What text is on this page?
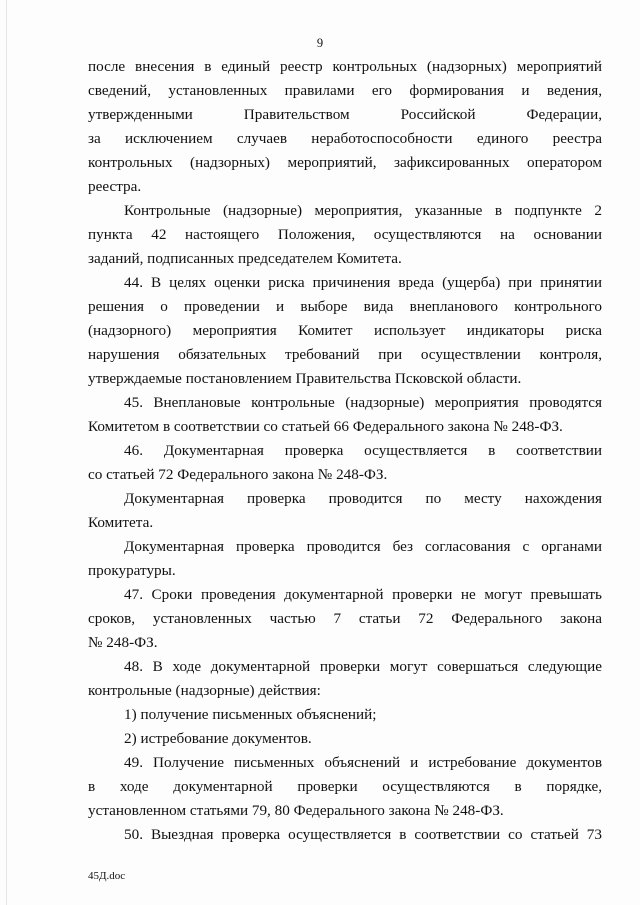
9
после внесения в единый реестр контрольных (надзорных) мероприятий
сведений, установленных правилами его формирования и ведения,
утвержденными Правительством Российской Федерации,
за исключением случаев неработоспособности единого реестра
контрольных (надзорных) мероприятий, зафиксированных оператором
реестра.
Контрольные (надзорные) мероприятия, указанные в подпункте 2
пункта 42 настоящего Положения, осуществляются на основании
заданий, подписанных председателем Комитета.
44. В целях оценки риска причинения вреда (ущерба) при принятии
решения о проведении и выборе вида внепланового контрольного
(надзорного) мероприятия Комитет использует индикаторы риска
нарушения обязательных требований при осуществлении контроля,
утверждаемые постановлением Правительства Псковской области.
45. Внеплановые контрольные (надзорные) мероприятия проводятся
Комитетом в соответствии со статьей 66 Федерального закона № 248-ФЗ.
46. Документарная проверка осуществляется в соответствии
со статьей 72 Федерального закона № 248-ФЗ.
Документарная проверка проводится по месту нахождения
Комитета.
Документарная проверка проводится без согласования с органами
прокуратуры.
47. Сроки проведения документарной проверки не могут превышать
сроков, установленных частью 7 статьи 72 Федерального закона
№ 248-ФЗ.
48. В ходе документарной проверки могут совершаться следующие
контрольные (надзорные) действия:
1) получение письменных объяснений;
2) истребование документов.
49. Получение письменных объяснений и истребование документов
в ходе документарной проверки осуществляются в порядке,
установленном статьями 79, 80 Федерального закона № 248-ФЗ.
50. Выездная проверка осуществляется в соответствии со статьей 73
45Д.doc
